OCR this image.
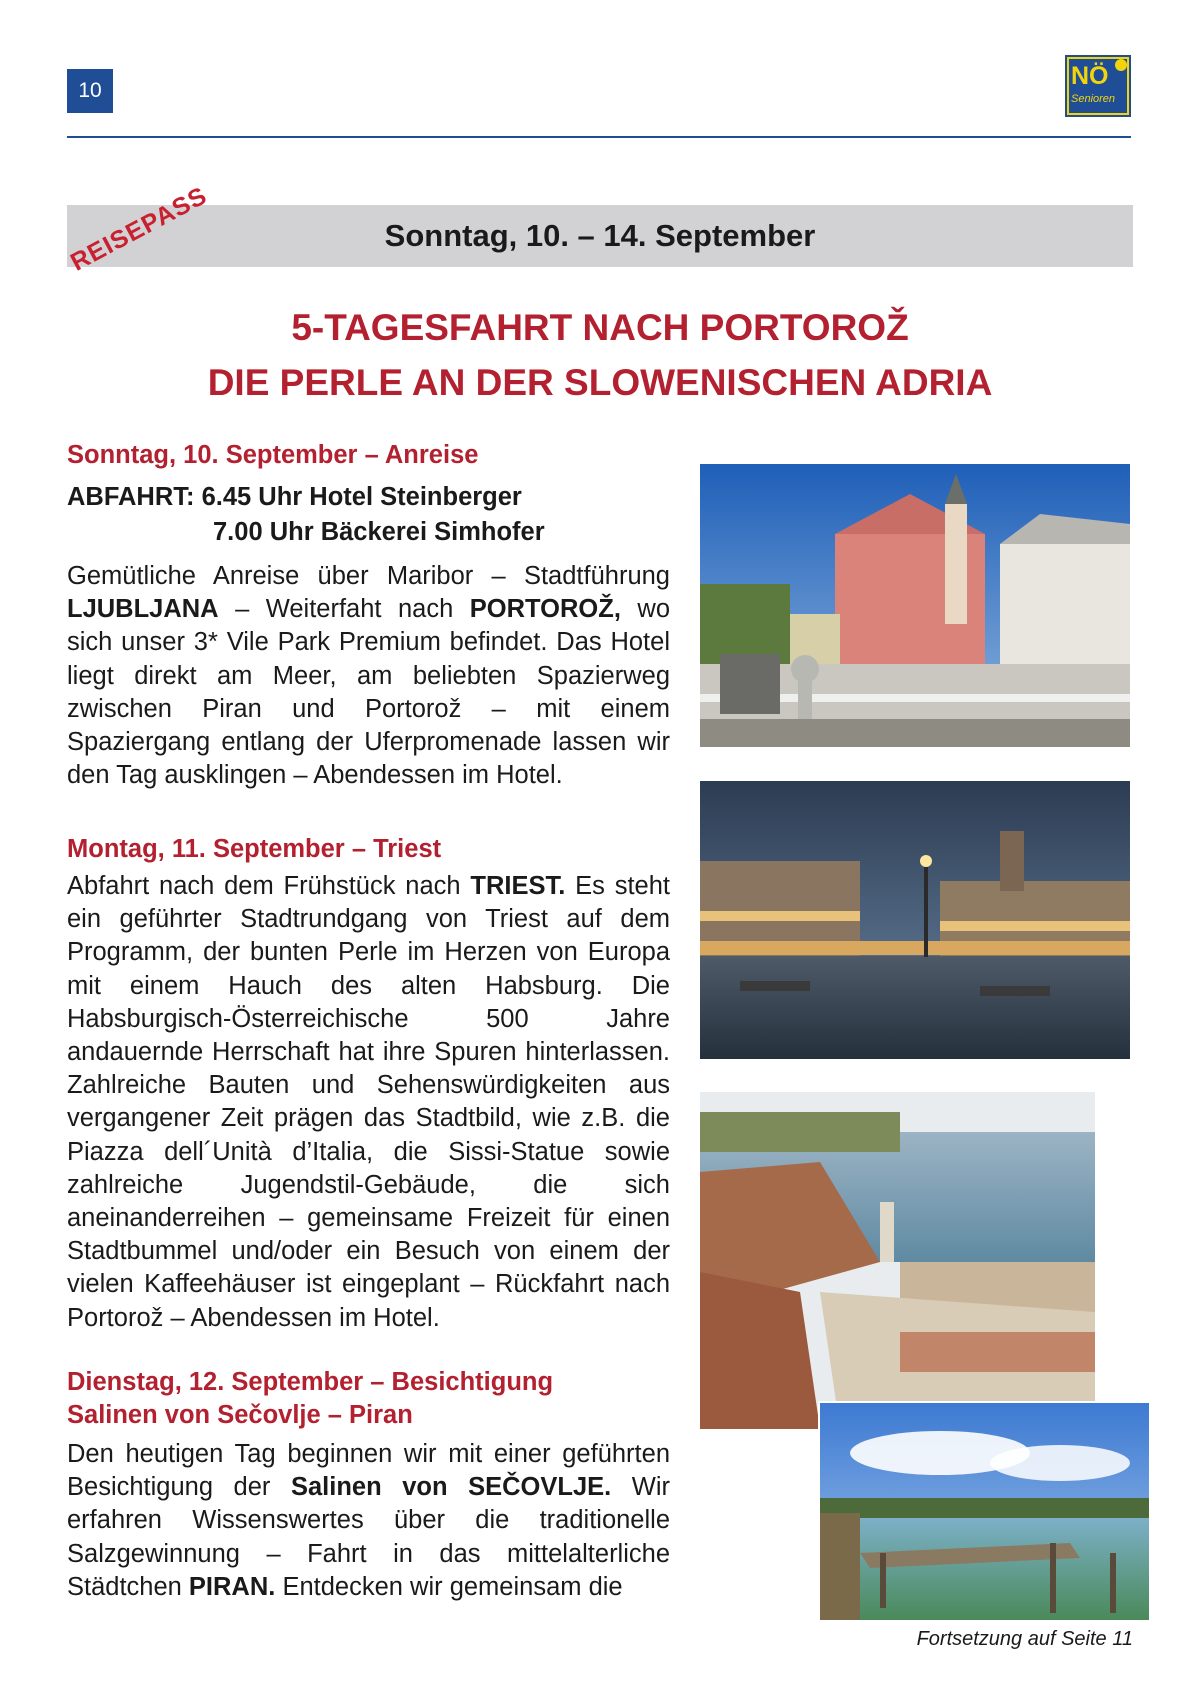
10
NÖ
Senioren
Sonntag, 10. – 14. September
REISEPASS
5-TAGESFAHRT NACH PORTOROŽ
DIE PERLE AN DER SLOWENISCHEN ADRIA
Sonntag, 10. September – Anreise
ABFAHRT: 6.45 Uhr Hotel Steinberger
7.00 Uhr Bäckerei Simhofer
Gemütliche Anreise über Maribor – Stadtführung LJUBLJANA – Weiterfaht nach PORTOROŽ, wo sich unser 3* Vile Park Premium befindet. Das Hotel liegt direkt am Meer, am beliebten Spazierweg zwischen Piran und Portorož – mit einem Spaziergang entlang der Uferpromenade lassen wir den Tag ausklingen – Abendessen im Hotel.
Montag, 11. September – Triest
Abfahrt nach dem Frühstück nach TRIEST. Es steht ein geführter Stadtrundgang von Triest auf dem Programm, der bunten Perle im Herzen von Europa mit einem Hauch des alten Habsburg. Die Habsburgisch-Österreichische 500 Jahre andauernde Herrschaft hat ihre Spuren hinterlassen. Zahlreiche Bauten und Sehenswürdigkeiten aus vergangener Zeit prägen das Stadtbild, wie z.B. die Piazza dell´Unità d’Italia, die Sissi-Statue sowie zahlreiche Jugendstil-Gebäude, die sich aneinanderreihen – gemeinsame Freizeit für einen Stadtbummel und/oder ein Besuch von einem der vielen Kaffeehäuser ist eingeplant – Rückfahrt nach Portorož – Abendessen im Hotel.
Dienstag, 12. September – Besichtigung
Salinen von Sečovlje – Piran
Den heutigen Tag beginnen wir mit einer geführten Besichtigung der Salinen von SEČOVLJE. Wir erfahren Wissenswertes über die traditionelle Salzgewinnung – Fahrt in das mittelalterliche Städtchen PIRAN. Entdecken wir gemeinsam die
Fortsetzung auf Seite 11
